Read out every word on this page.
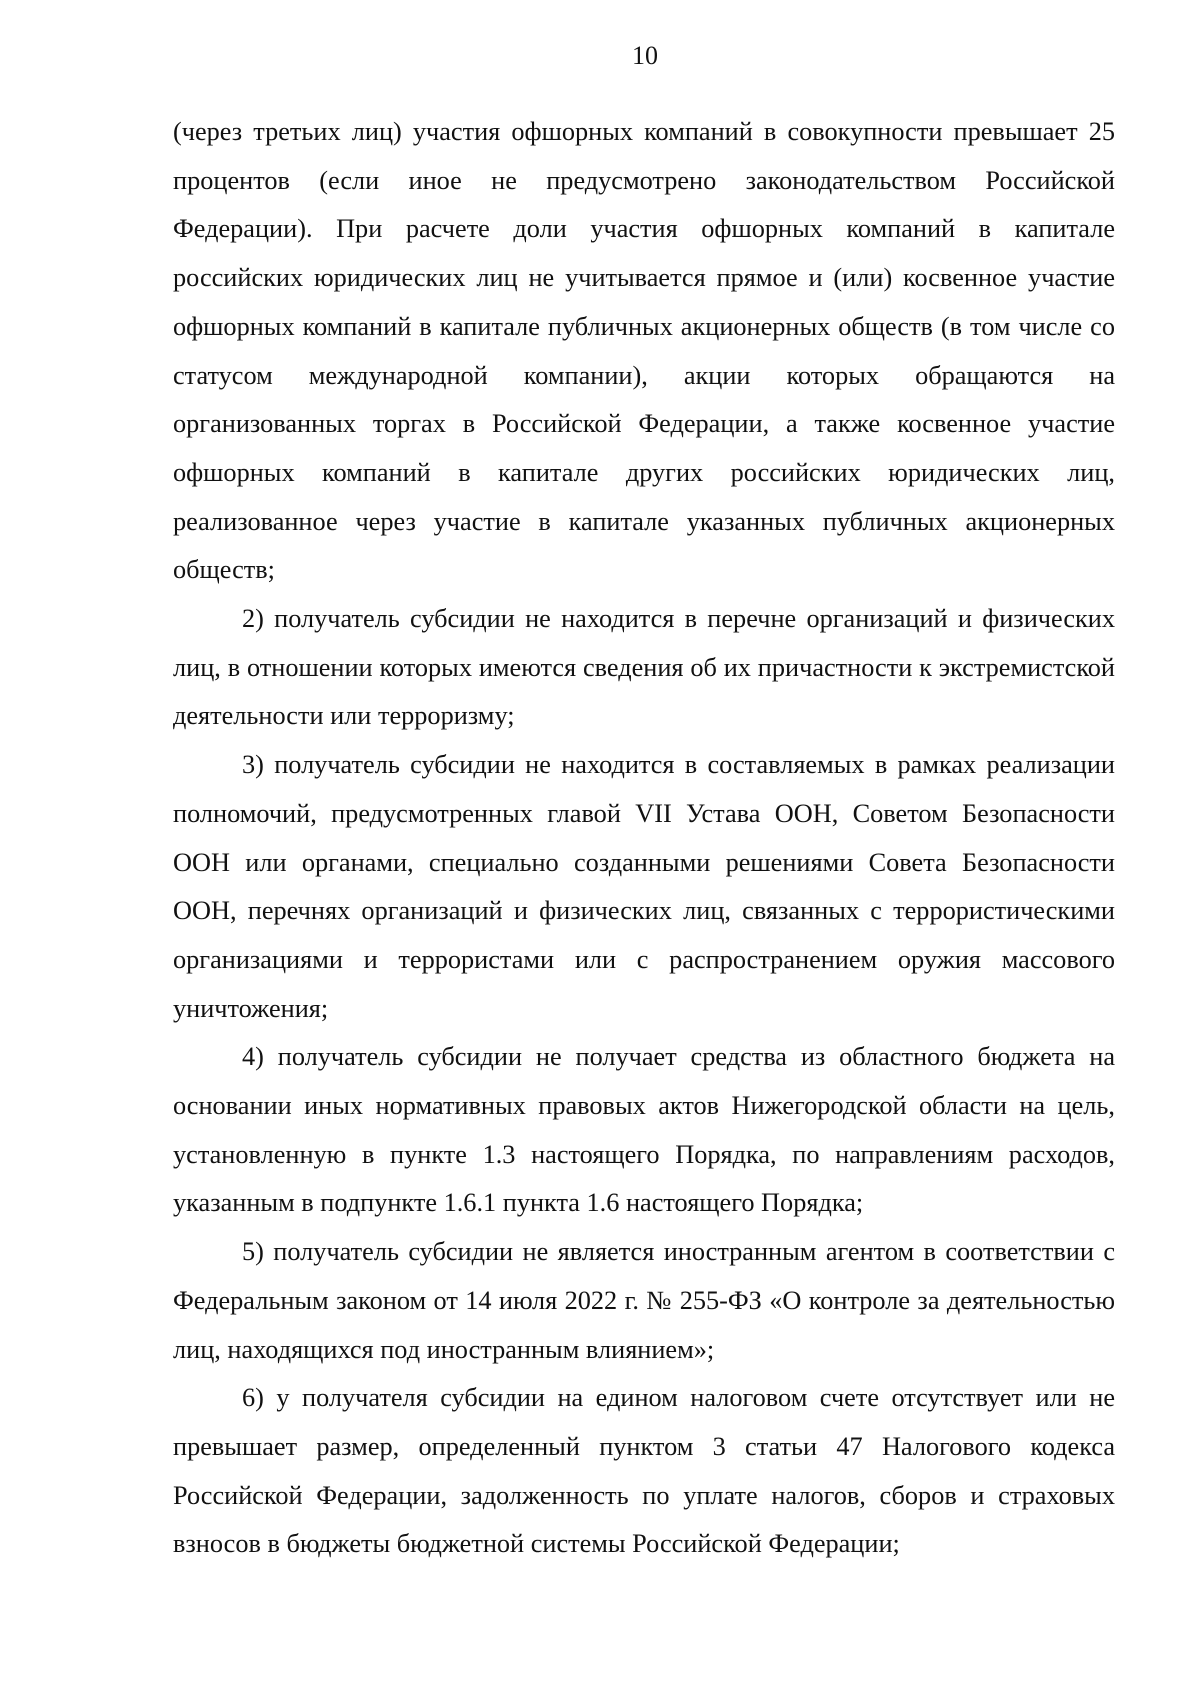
10

(через третьих лиц) участия офшорных компаний в совокупности превышает 25 процентов (если иное не предусмотрено законодательством Российской Федерации). При расчете доли участия офшорных компаний в капитале российских юридических лиц не учитывается прямое и (или) косвенное участие офшорных компаний в капитале публичных акционерных обществ (в том числе со статусом международной компании), акции которых обращаются на организованных торгах в Российской Федерации, а также косвенное участие офшорных компаний в капитале других российских юридических лиц, реализованное через участие в капитале указанных публичных акционерных обществ;

2) получатель субсидии не находится в перечне организаций и физических лиц, в отношении которых имеются сведения об их причастности к экстремистской деятельности или терроризму;

3) получатель субсидии не находится в составляемых в рамках реализации полномочий, предусмотренных главой VII Устава ООН, Советом Безопасности ООН или органами, специально созданными решениями Совета Безопасности ООН, перечнях организаций и физических лиц, связанных с террористическими организациями и террористами или с распространением оружия массового уничтожения;

4) получатель субсидии не получает средства из областного бюджета на основании иных нормативных правовых актов Нижегородской области на цель, установленную в пункте 1.3 настоящего Порядка, по направлениям расходов, указанным в подпункте 1.6.1 пункта 1.6 настоящего Порядка;

5) получатель субсидии не является иностранным агентом в соответствии с Федеральным законом от 14 июля 2022 г. № 255-ФЗ «О контроле за деятельностью лиц, находящихся под иностранным влиянием»;

6) у получателя субсидии на едином налоговом счете отсутствует или не превышает размер, определенный пунктом 3 статьи 47 Налогового кодекса Российской Федерации, задолженность по уплате налогов, сборов и страховых взносов в бюджеты бюджетной системы Российской Федерации;
